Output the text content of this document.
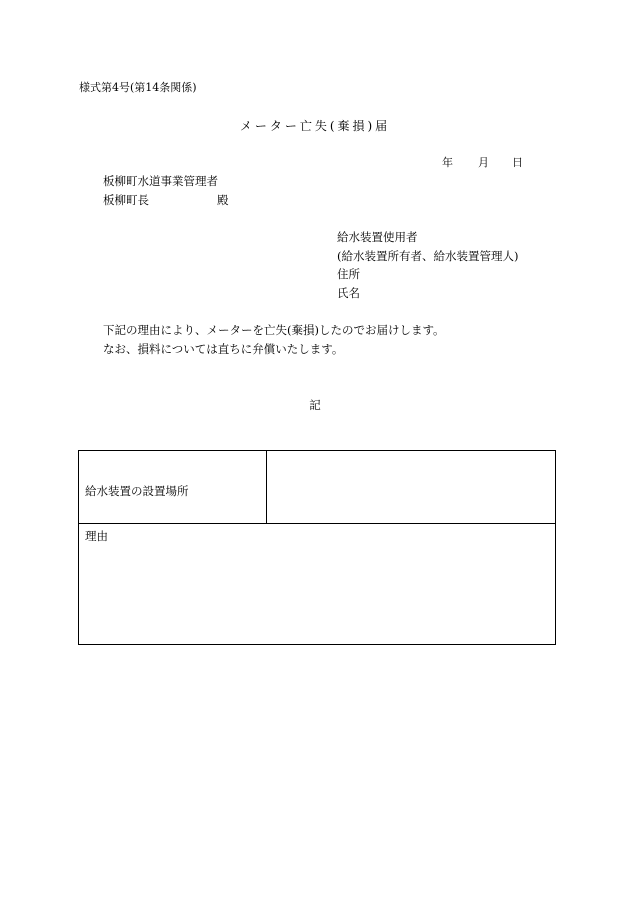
様式第4号(第14条関係)
メーター亡失(棄損)届
年 月 日
板柳町水道事業管理者
板柳町長	殿
給水装置使用者
(給水装置所有者、給水装置管理人)
住所
氏名
下記の理由により、メーターを亡失(棄損)したのでお届けします。
なお、損料については直ちに弁償いたします。
記
給水装置の設置場所
理由
